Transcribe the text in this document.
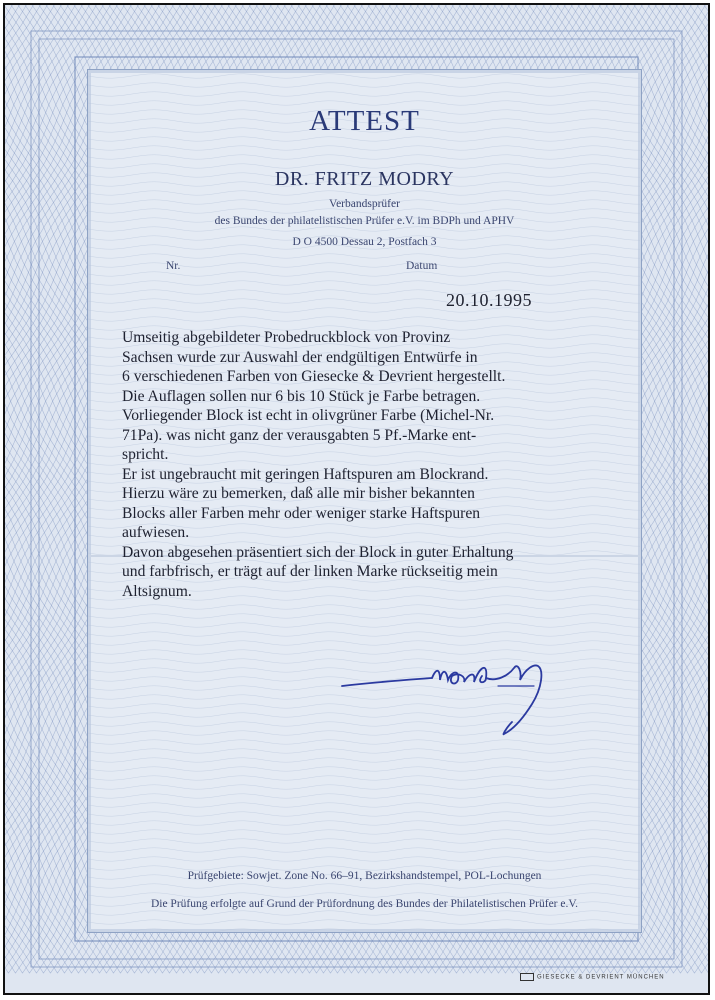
ATTEST
DR. FRITZ MODRY
Verbandsprüfer
des Bundes der philatelistischen Prüfer e.V. im BDPh und APHV
D O 4500 Dessau 2, Postfach 3
Nr.	Datum
20.10.1995
Umseitig abgebildeter Probedruckblock von Provinz
Sachsen wurde zur Auswahl der endgültigen Entwürfe in
6 verschiedenen Farben von Giesecke & Devrient hergestellt.
Die Auflagen sollen nur 6 bis 10 Stück je Farbe betragen.
Vorliegender Block ist echt in olivgrüner Farbe (Michel-Nr.
71Pa). was nicht ganz der verausgabten 5 Pf.-Marke ent-
spricht.
Er ist ungebraucht mit geringen Haftspuren am Blockrand.
Hierzu wäre zu bemerken, daß alle mir bisher bekannten
Blocks aller Farben mehr oder weniger starke Haftspuren
aufwiesen.
Davon abgesehen präsentiert sich der Block in guter Erhaltung
und farbfrisch, er trägt auf der linken Marke rückseitig mein
Altsignum.
Prüfgebiete: Sowjet. Zone No. 66–91, Bezirkshandstempel, POL-Lochungen
Die Prüfung erfolgte auf Grund der Prüfordnung des Bundes der Philatelistischen Prüfer e.V.
GIESECKE & DEVRIENT MÜNCHEN
